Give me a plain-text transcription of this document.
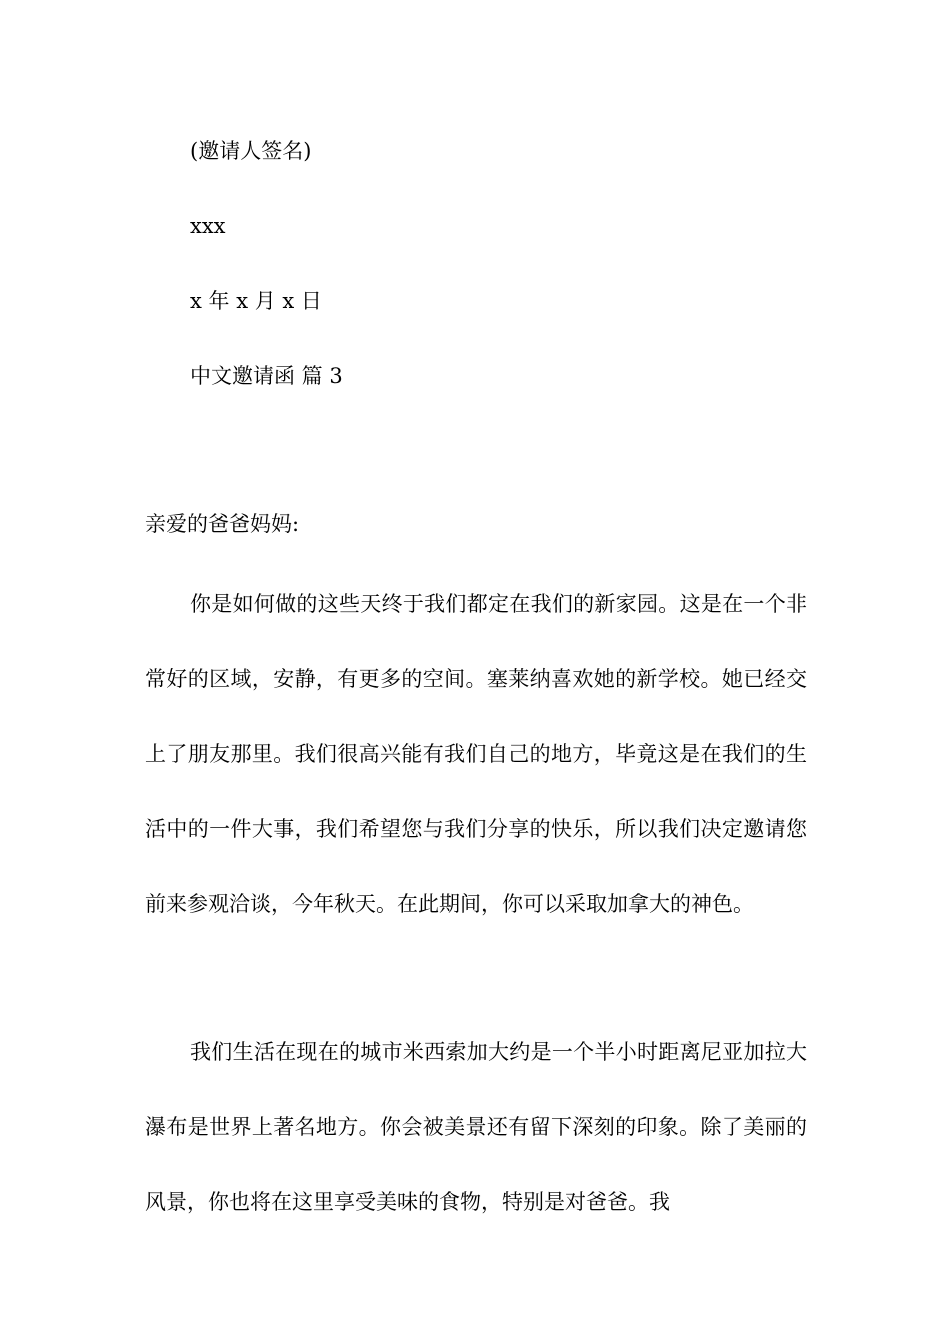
(邀请人签名)

xxx

x 年 x 月 x 日

中文邀请函 篇 3

亲爱的爸爸妈妈:

你是如何做的这些天终于我们都定在我们的新家园。这是在一个非常好的区域，安静，有更多的空间。塞莱纳喜欢她的新学校。她已经交上了朋友那里。我们很高兴能有我们自己的地方，毕竟这是在我们的生活中的一件大事，我们希望您与我们分享的快乐，所以我们决定邀请您前来参观洽谈，今年秋天。在此期间，你可以采取加拿大的神色。

我们生活在现在的城市米西索加大约是一个半小时距离尼亚加拉大瀑布是世界上著名地方。你会被美景还有留下深刻的印象。除了美丽的风景，你也将在这里享受美味的食物，特别是对爸爸。我
